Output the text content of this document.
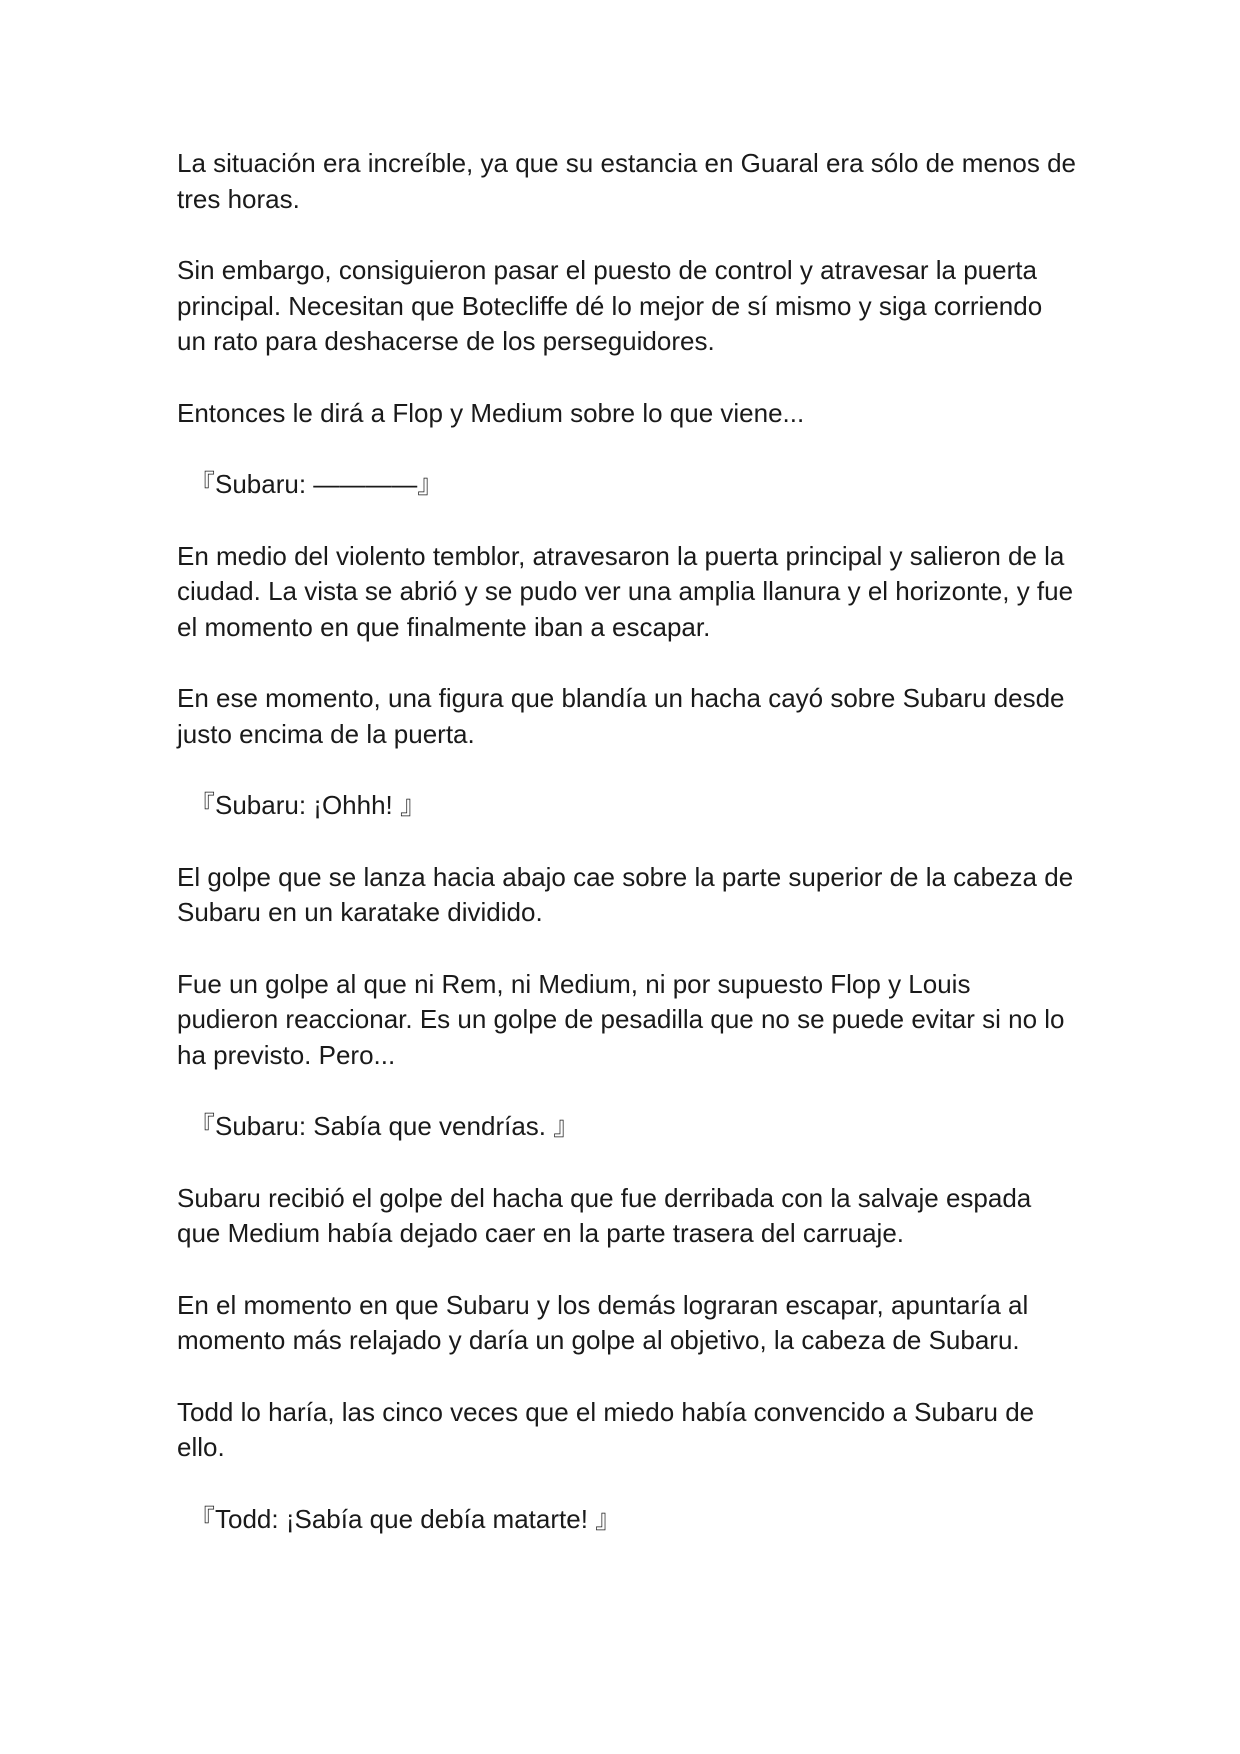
La situación era increíble, ya que su estancia en Guaral era sólo de menos de tres horas.

Sin embargo, consiguieron pasar el puesto de control y atravesar la puerta principal. Necesitan que Botecliffe dé lo mejor de sí mismo y siga corriendo un rato para deshacerse de los perseguidores.

Entonces le dirá a Flop y Medium sobre lo que viene...

『Subaru: ————』

En medio del violento temblor, atravesaron la puerta principal y salieron de la ciudad. La vista se abrió y se pudo ver una amplia llanura y el horizonte, y fue el momento en que finalmente iban a escapar.

En ese momento, una figura que blandía un hacha cayó sobre Subaru desde justo encima de la puerta.

『Subaru: ¡Ohhh! 』

El golpe que se lanza hacia abajo cae sobre la parte superior de la cabeza de Subaru en un karatake dividido.

Fue un golpe al que ni Rem, ni Medium, ni por supuesto Flop y Louis pudieron reaccionar. Es un golpe de pesadilla que no se puede evitar si no lo ha previsto. Pero...

『Subaru: Sabía que vendrías. 』

Subaru recibió el golpe del hacha que fue derribada con la salvaje espada que Medium había dejado caer en la parte trasera del carruaje.

En el momento en que Subaru y los demás lograran escapar, apuntaría al momento más relajado y daría un golpe al objetivo, la cabeza de Subaru.

Todd lo haría, las cinco veces que el miedo había convencido a Subaru de ello.

『Todd: ¡Sabía que debía matarte! 』
